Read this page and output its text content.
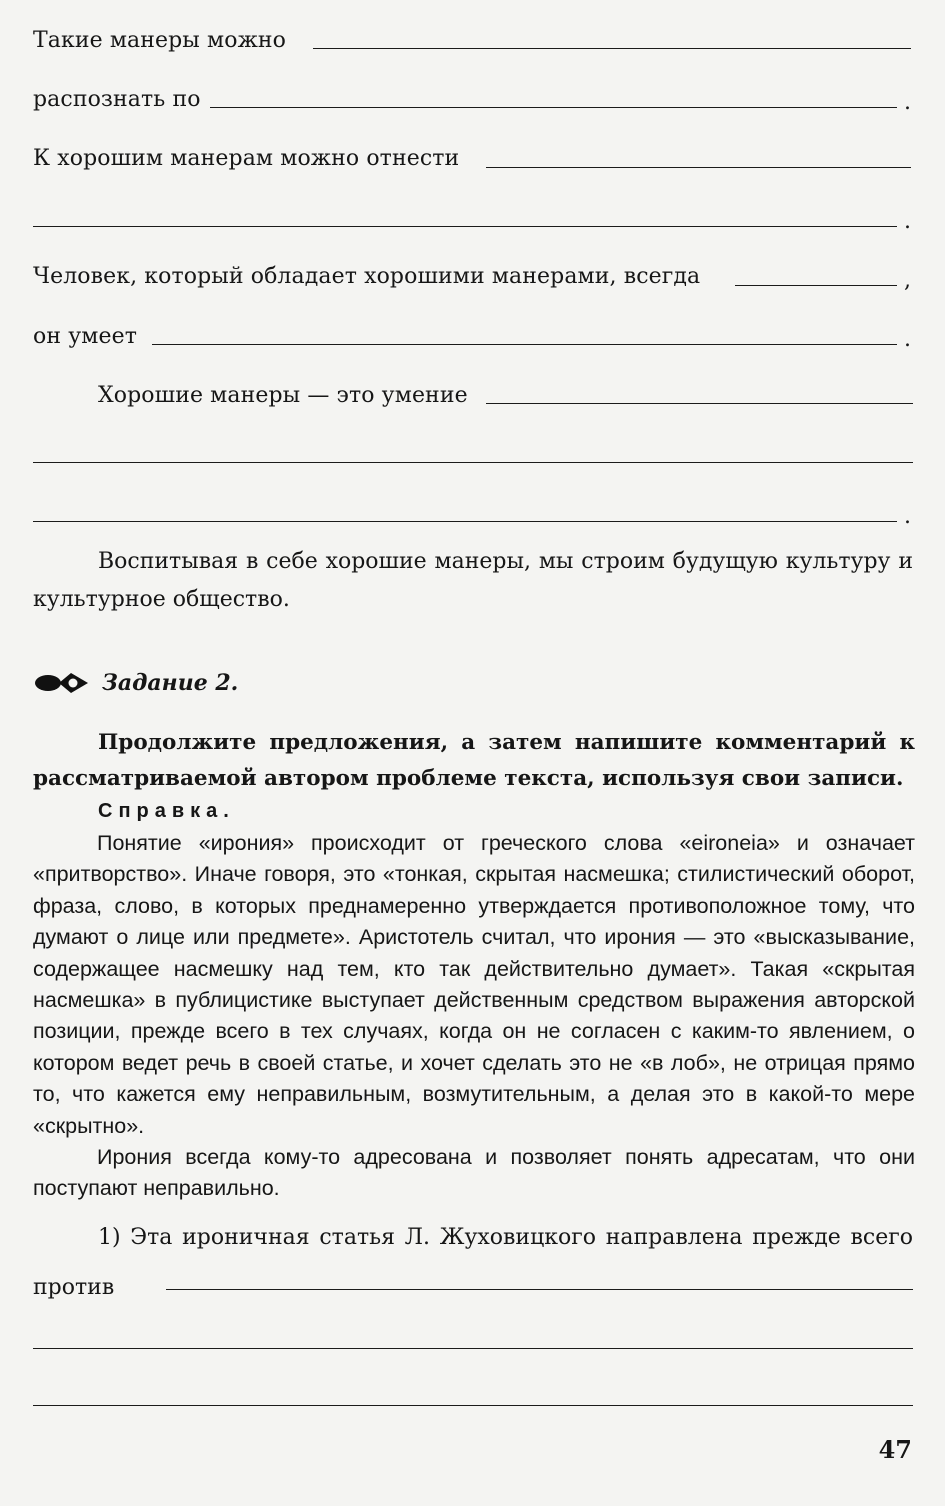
Такие манеры можно
распознать по	.
К хорошим манерам можно отнести
.
Человек, который обладает хорошими манерами, всегда	,
он умеет	.
Хорошие манеры — это умение
.
Воспитывая в себе хорошие манеры, мы строим будущую культуру и культурное общество.
Задание 2.
Продолжите предложения, а затем напишите комментарий к рассматриваемой автором проблеме текста, используя свои записи.
Справка.

Понятие «ирония» происходит от греческого слова «eironeia» и означает «притворство». Иначе говоря, это «тонкая, скрытая насмешка; стилистический оборот, фраза, слово, в которых преднамеренно утверждается противоположное тому, что думают о лице или предмете». Аристотель считал, что ирония — это «высказывание, содержащее насмешку над тем, кто так действительно думает». Такая «скрытая насмешка» в публицистике выступает действенным средством выражения авторской позиции, прежде всего в тех случаях, когда он не согласен с каким-то явлением, о котором ведет речь в своей статье, и хочет сделать это не «в лоб», не отрицая прямо то, что кажется ему неправильным, возмутительным, а делая это в какой-то мере «скрытно».

Ирония всегда кому-то адресована и позволяет понять адресатам, что они поступают неправильно.

1) Эта ироничная статья Л. Жуховицкого направлена прежде всего против
47
